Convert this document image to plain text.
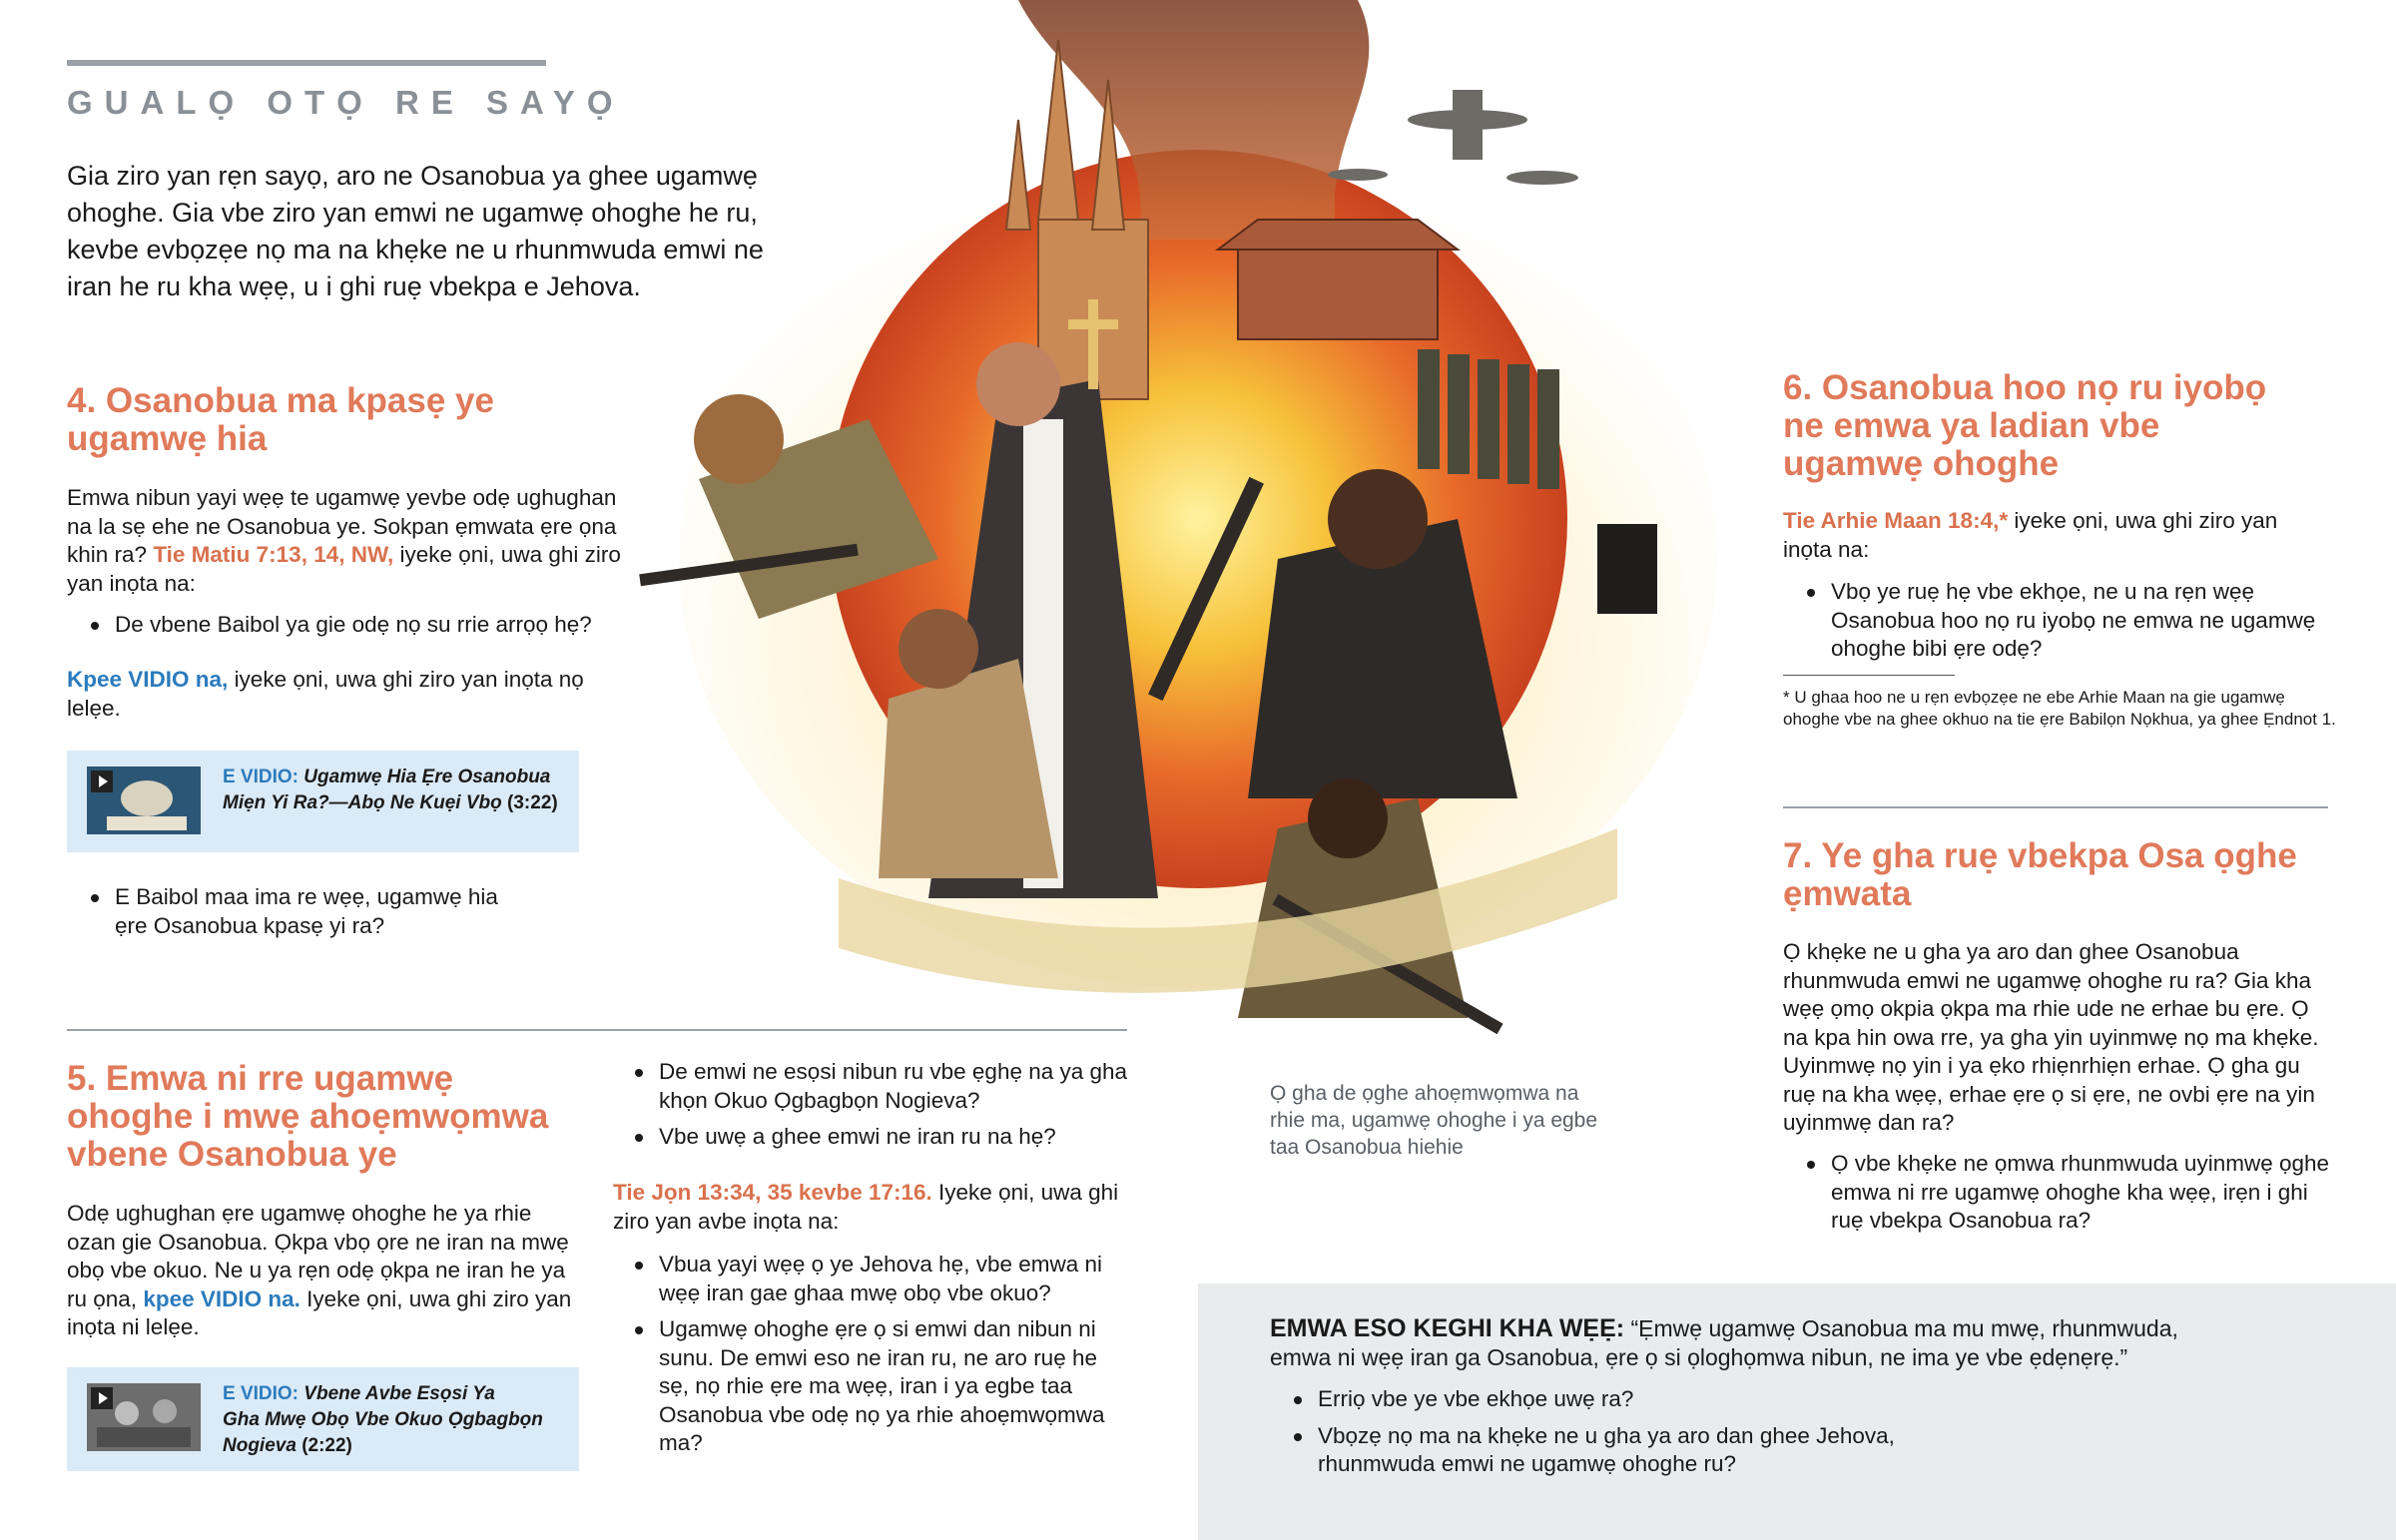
GUALỌ OTỌ RE SAYỌ
Gia ziro yan rẹn sayọ, aro ne Osanobua ya ghee ugamwẹ ohoghe. Gia vbe ziro yan emwi ne ugamwẹ ohoghe he ru, kevbe evbọzẹe nọ ma na khẹke ne u rhunmwuda emwi ne iran he ru kha wẹẹ, u i ghi ruẹ vbekpa e Jehova.
4. Osanobua ma kpasẹ ye
ugamwẹ hia
Emwa nibun yayi wẹẹ te ugamwẹ yevbe odẹ ughughan na la sẹ ehe ne Osanobua ye. Sokpan ẹmwata ẹre ọna khin ra? Tie Matiu 7:13, 14, NW, iyeke ọni, uwa ghi ziro yan inọta na:
De vbene Baibol ya gie odẹ nọ su rrie arrọọ hẹ?
Kpee VIDIO na, iyeke ọni, uwa ghi ziro yan inọta nọ lelẹe.
E VIDIO: Ugamwẹ Hia Ẹre Osanobua
Miẹn Yi Ra?—Abọ Ne Kuẹi Vbọ (3:22)
E Baibol maa ima re wẹẹ, ugamwẹ hia ẹre Osanobua kpasẹ yi ra?
5. Emwa ni rre ugamwẹ
ohoghe i mwẹ ahoẹmwọmwa
vbene Osanobua ye
Odẹ ughughan ẹre ugamwẹ ohoghe he ya rhie ozan gie Osanobua. Ọkpa vbọ ọre ne iran na mwẹ obọ vbe okuo. Ne u ya rẹn odẹ ọkpa ne iran he ya ru ọna, kpee VIDIO na. Iyeke ọni, uwa ghi ziro yan inọta ni lelẹe.
E VIDIO: Vbene Avbe Esọsi Ya
Gha Mwẹ Obọ Vbe Okuo Ọgbagbọn
Nogieva (2:22)
De emwi ne esọsi nibun ru vbe ẹghẹ na ya gha khọn Okuo Ọgbagbọn Nogieva?
Vbe uwẹ a ghee emwi ne iran ru na hẹ?
Tie Jọn 13:34, 35 kevbe 17:16. Iyeke ọni, uwa ghi ziro yan avbe inọta na:
Vbua yayi wẹẹ ọ ye Jehova hẹ, vbe emwa ni wẹẹ iran gae ghaa mwẹ obọ vbe okuo?
Ugamwẹ ohoghe ẹre ọ si emwi dan nibun ni sunu. De emwi eso ne iran ru, ne aro ruẹ he sẹ, nọ rhie ẹre ma wẹẹ, iran i ya egbe taa Osanobua vbe odẹ nọ ya rhie ahoẹmwọmwa ma?
Ọ gha de ọghe ahoẹmwọmwa na rhie ma, ugamwẹ ohoghe i ya egbe taa Osanobua hiehie
6. Osanobua hoo nọ ru iyobọ
ne emwa ya ladian vbe
ugamwẹ ohoghe
Tie Arhie Maan 18:4,* iyeke ọni, uwa ghi ziro yan inọta na:
Vbọ ye ruẹ hẹ vbe ekhọe, ne u na rẹn wẹẹ Osanobua hoo nọ ru iyobọ ne emwa ne ugamwẹ ohoghe bibi ẹre odẹ?
* U ghaa hoo ne u rẹn evbọzẹe ne ebe Arhie Maan na gie ugamwẹ ohoghe vbe na ghee okhuo na tie ẹre Babilọn Nọkhua, ya ghee Ẹndnot 1.
7. Ye gha ruẹ vbekpa Osa ọghe
ẹmwata
Ọ khẹke ne u gha ya aro dan ghee Osanobua rhunmwuda emwi ne ugamwẹ ohoghe ru ra? Gia kha wẹẹ ọmọ okpia ọkpa ma rhie ude ne erhae bu ẹre. Ọ na kpa hin owa rre, ya gha yin uyinmwẹ nọ ma khẹke. Uyinmwẹ nọ yin i ya ẹko rhiẹnrhiẹn erhae. Ọ gha gu ruẹ na kha wẹẹ, erhae ẹre ọ si ẹre, ne ovbi ẹre na yin uyinmwẹ dan ra?
Ọ vbe khẹke ne ọmwa rhunmwuda uyinmwẹ ọghe emwa ni rre ugamwẹ ohoghe kha wẹẹ, irẹn i ghi ruẹ vbekpa Osanobua ra?
EMWA ESO KEGHI KHA WẸẸ: “Ẹmwẹ ugamwẹ Osanobua ma mu mwẹ, rhunmwuda, emwa ni wẹẹ iran ga Osanobua, ẹre ọ si ọloghọmwa nibun, ne ima ye vbe ẹdẹnẹrẹ.”
Erriọ vbe ye vbe ekhọe uwẹ ra?
Vbọzẹ nọ ma na khẹke ne u gha ya aro dan ghee Jehova, rhunmwuda emwi ne ugamwẹ ohoghe ru?
